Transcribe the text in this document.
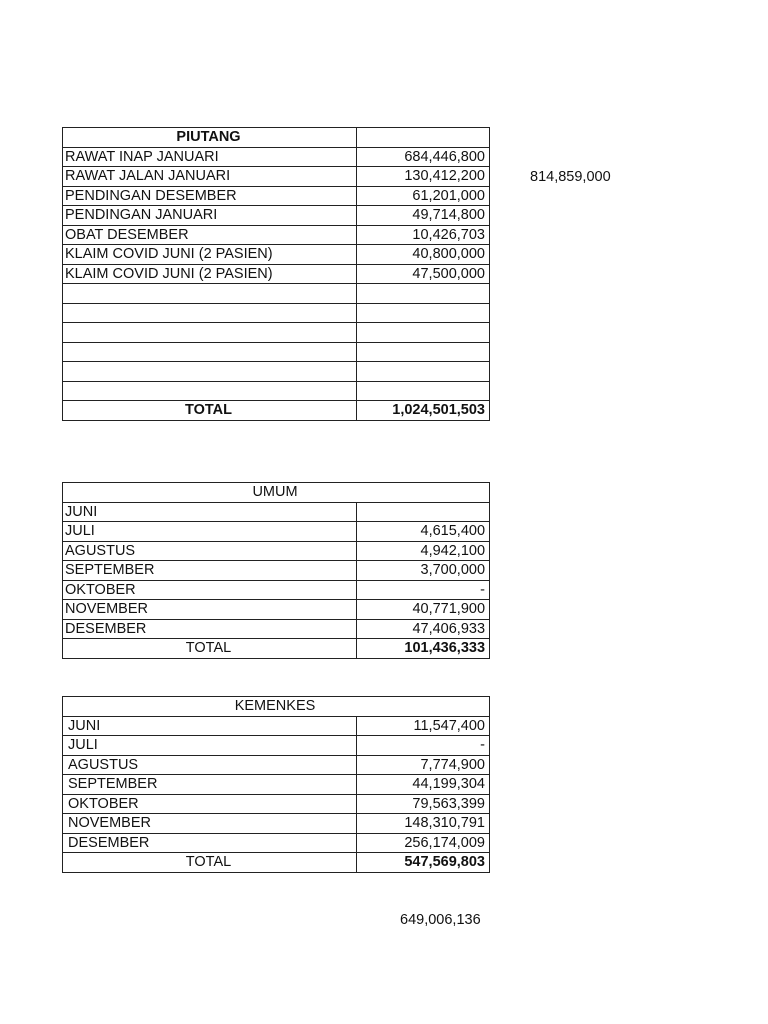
PIUTANG	
RAWAT INAP JANUARI	684,446,800
RAWAT JALAN JANUARI	130,412,200
PENDINGAN DESEMBER	61,201,000
PENDINGAN JANUARI	49,714,800
OBAT DESEMBER	10,426,703
KLAIM COVID JUNI (2 PASIEN)	40,800,000
KLAIM COVID JUNI (2 PASIEN)	47,500,000

TOTAL	1,024,501,503
814,859,000
UMUM	
JUNI	
JULI	4,615,400
AGUSTUS	4,942,100
SEPTEMBER	3,700,000
OKTOBER	-
NOVEMBER	40,771,900
DESEMBER	47,406,933
TOTAL	101,436,333
KEMENKES	
JUNI	11,547,400
JULI	-
AGUSTUS	7,774,900
SEPTEMBER	44,199,304
OKTOBER	79,563,399
NOVEMBER	148,310,791
DESEMBER	256,174,009
TOTAL	547,569,803
649,006,136
